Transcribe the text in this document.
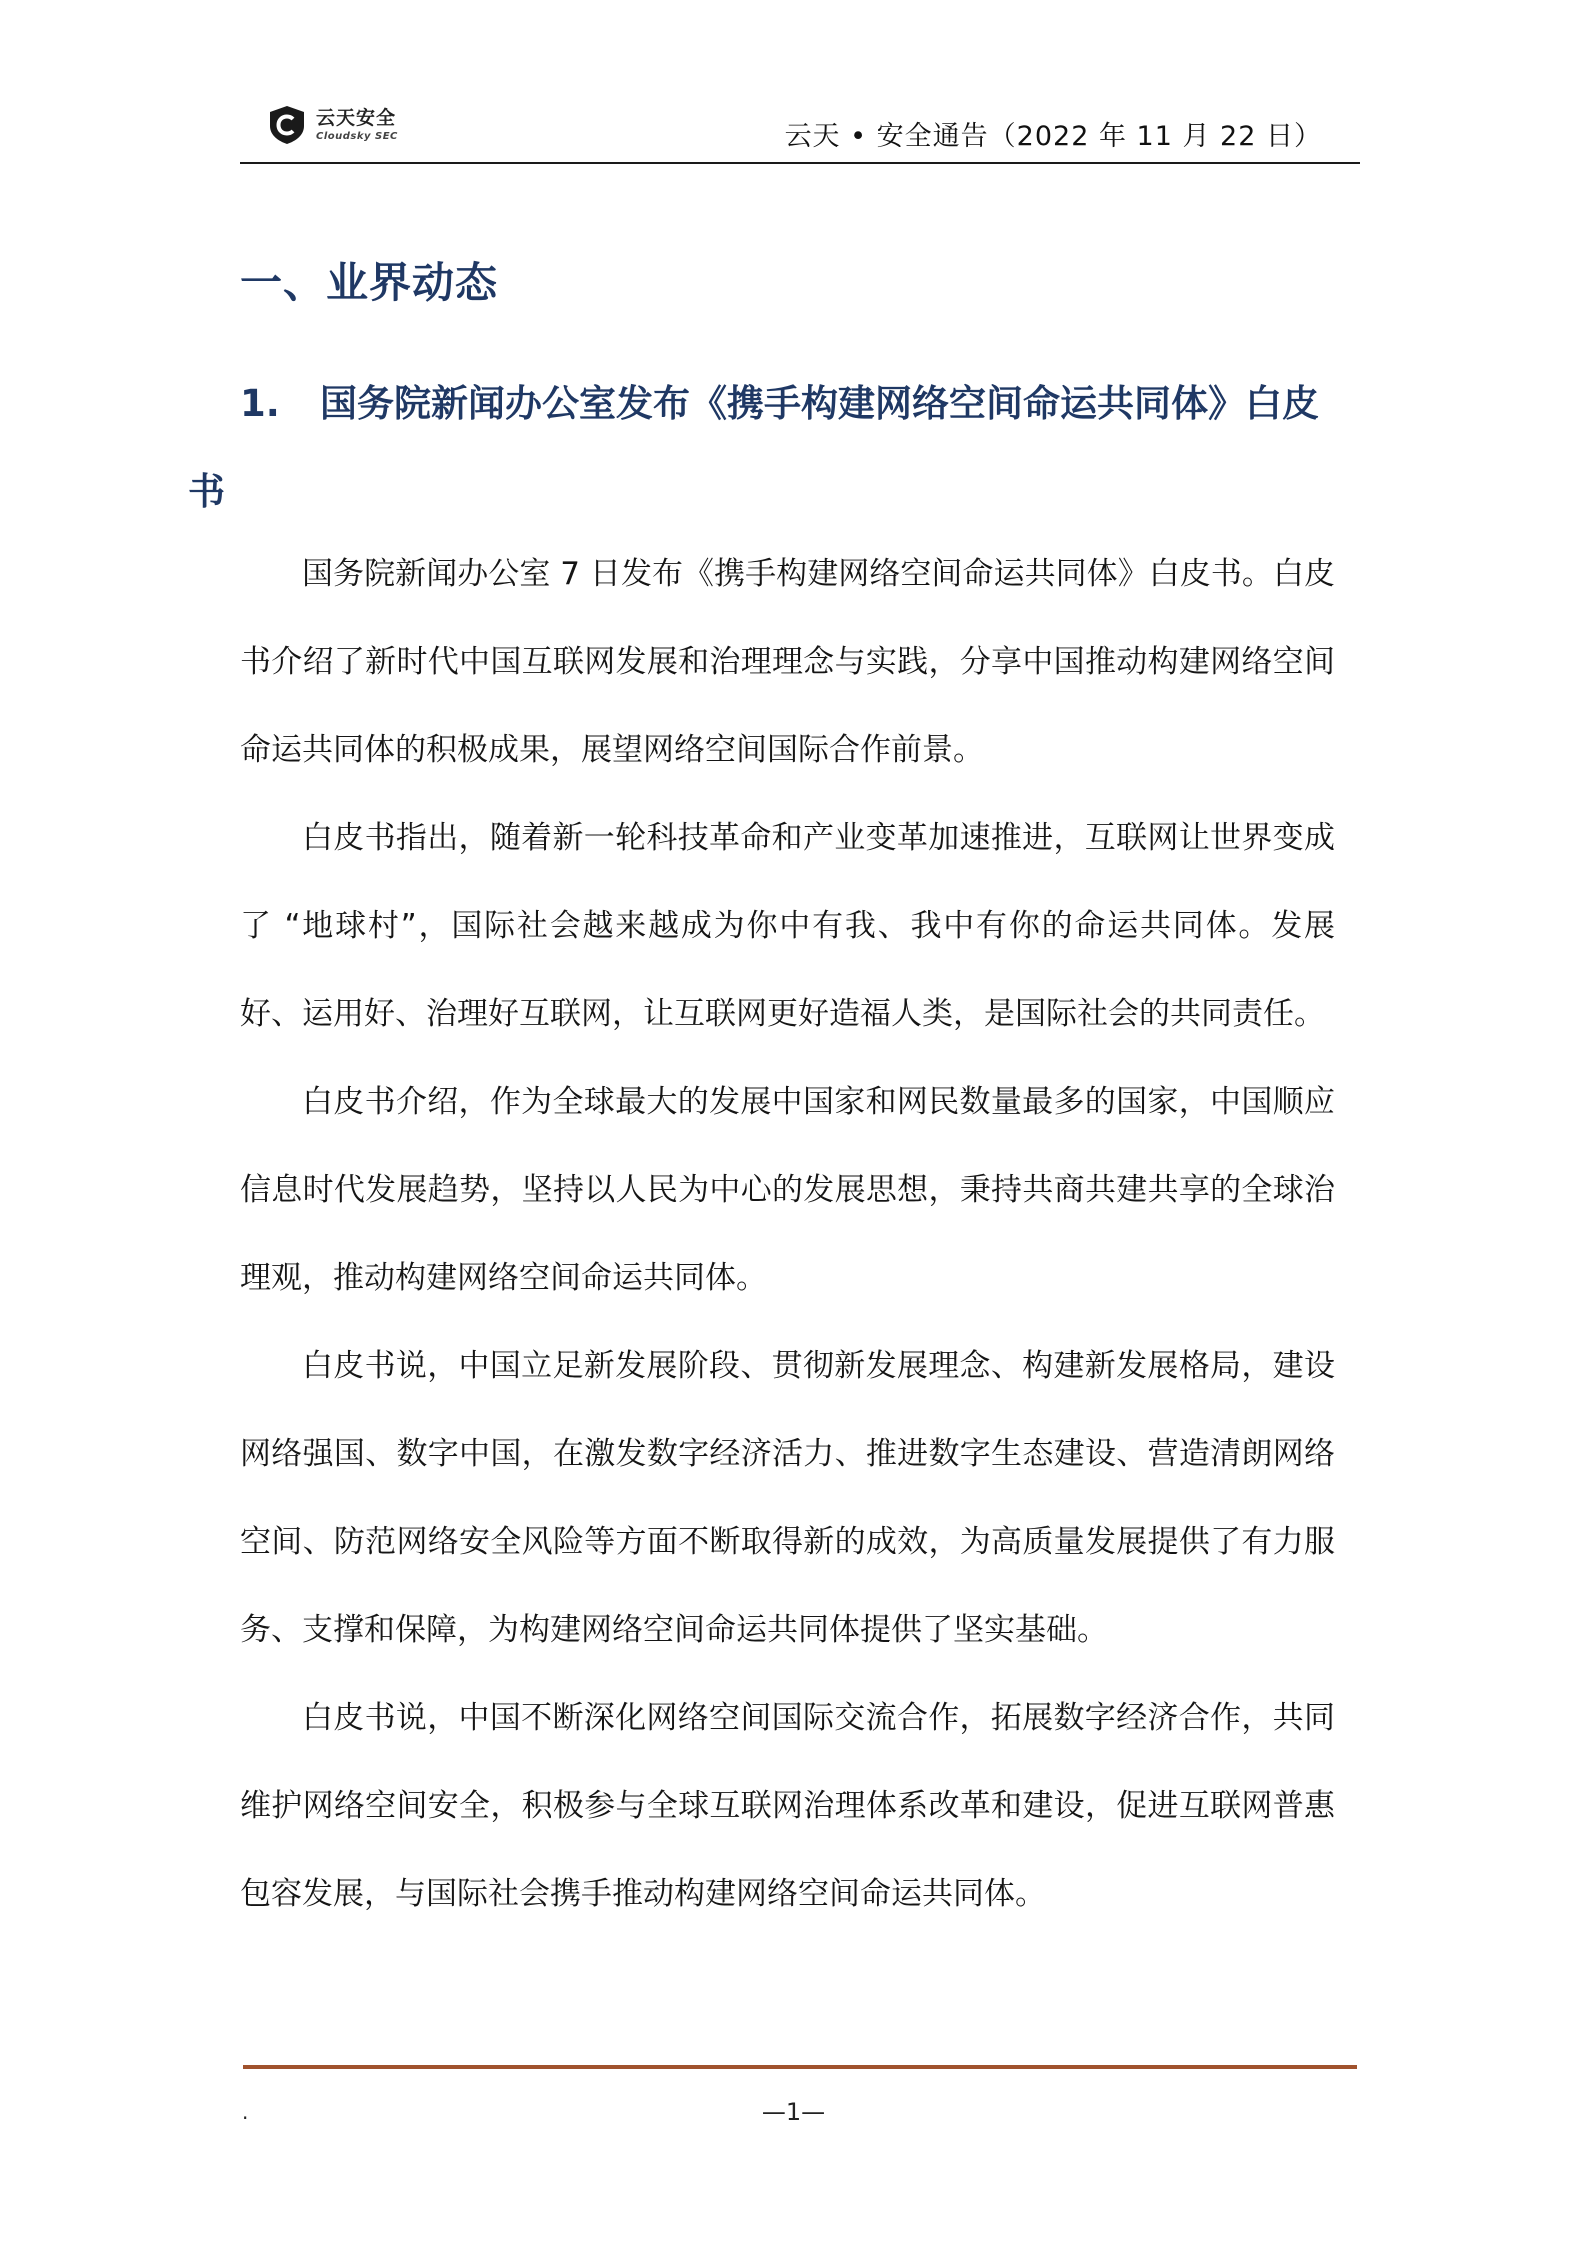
云天安全
Cloudsky SEC	云天 • 安全通告（2022 年 11 月 22 日）
一、业界动态
1. 国务院新闻办公室发布《携手构建网络空间命运共同体》白皮
书

国务院新闻办公室 7 日发布《携手构建网络空间命运共同体》白皮书。白皮书介绍了新时代中国互联网发展和治理理念与实践，分享中国推动构建网络空间命运共同体的积极成果，展望网络空间国际合作前景。

白皮书指出，随着新一轮科技革命和产业变革加速推进，互联网让世界变成了 “地球村”，国际社会越来越成为你中有我、我中有你的命运共同体。发展好、运用好、治理好互联网，让互联网更好造福人类，是国际社会的共同责任。

白皮书介绍，作为全球最大的发展中国家和网民数量最多的国家，中国顺应信息时代发展趋势，坚持以人民为中心的发展思想，秉持共商共建共享的全球治理观，推动构建网络空间命运共同体。

白皮书说，中国立足新发展阶段、贯彻新发展理念、构建新发展格局，建设网络强国、数字中国，在激发数字经济活力、推进数字生态建设、营造清朗网络空间、防范网络安全风险等方面不断取得新的成效，为高质量发展提供了有力服务、支撑和保障，为构建网络空间命运共同体提供了坚实基础。

白皮书说，中国不断深化网络空间国际交流合作，拓展数字经济合作，共同维护网络空间安全，积极参与全球互联网治理体系改革和建设，促进互联网普惠包容发展，与国际社会携手推动构建网络空间命运共同体。

.	—1—
